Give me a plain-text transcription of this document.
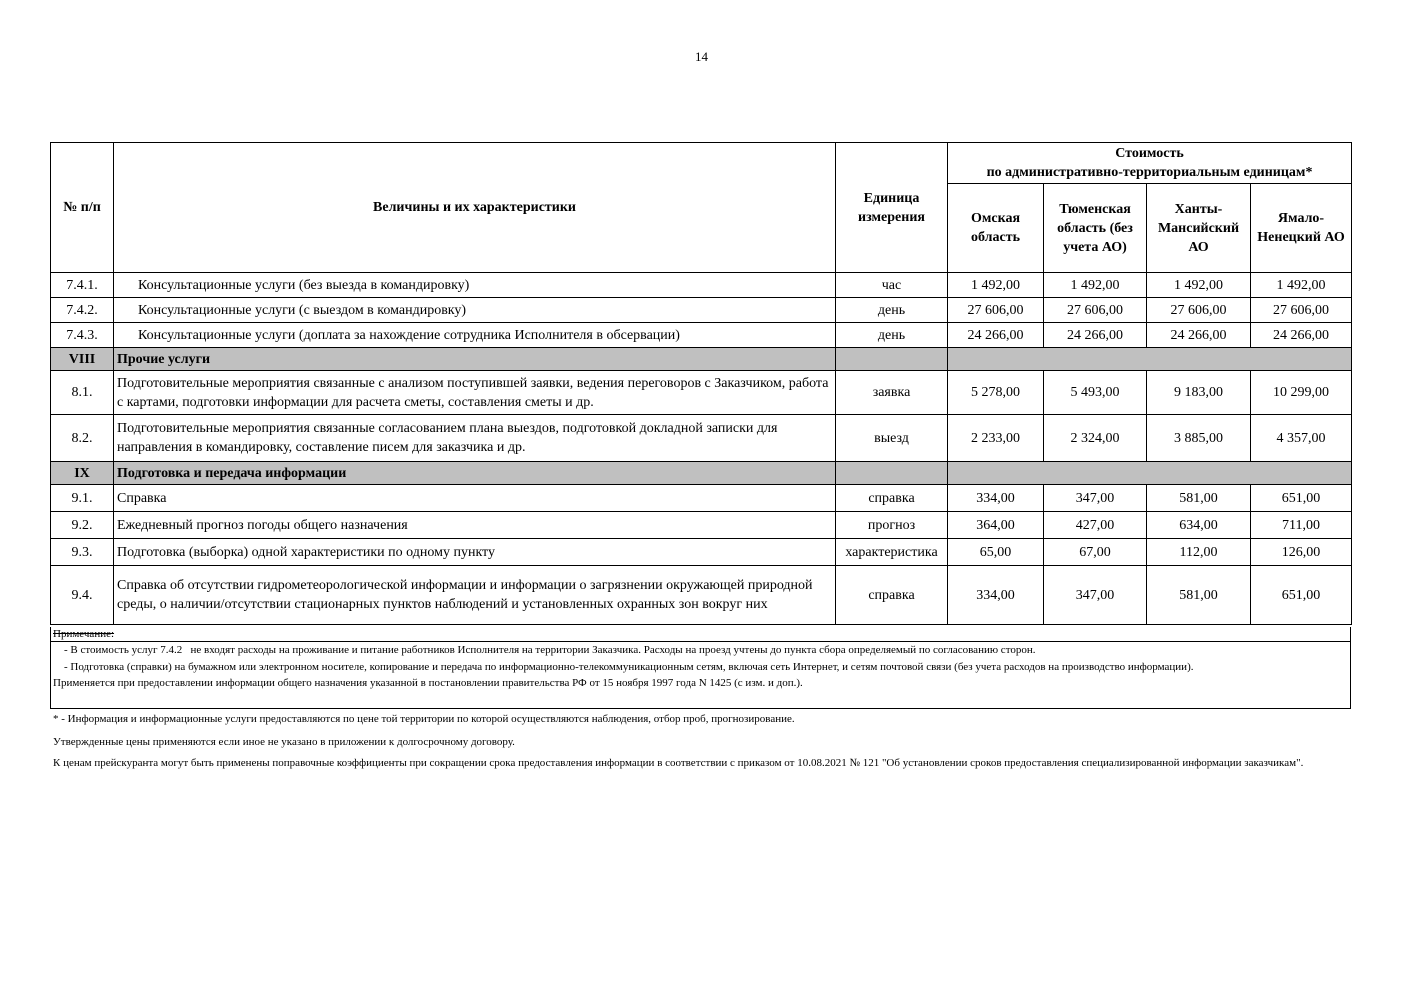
14
№ п/п	Величины и их характеристики	Единица измерения	Стоимость
по административно-территориальным единицам*			

			Омская область	Тюменская область (без учета АО)	Ханты-Мансийский АО	Ямало-Ненецкий АО
7.4.1.	Консультационные услуги (без выезда в командировку)	час	1 492,00	1 492,00	1 492,00	1 492,00
7.4.2.	Консультационные услуги (с выездом в командировку)	день	27 606,00	27 606,00	27 606,00	27 606,00
7.4.3.	Консультационные услуги (доплата за нахождение сотрудника Исполнителя в обсервации)	день	24 266,00	24 266,00	24 266,00	24 266,00
VIII	Прочие услуги					
8.1.	Подготовительные мероприятия связанные с анализом поступившей заявки, ведения переговоров с Заказчиком, работа с картами, подготовки информации для расчета сметы, составления сметы и др.	заявка	5 278,00	5 493,00	9 183,00	10 299,00
8.2.	Подготовительные мероприятия связанные согласованием плана выездов, подготовкой докладной записки для направления в командировку, составление писем для заказчика и др.	выезд	2 233,00	2 324,00	3 885,00	4 357,00
IX	Подготовка и передача информации					
9.1.	Справка	справка	334,00	347,00	581,00	651,00
9.2.	Ежедневный прогноз погоды общего назначения	прогноз	364,00	427,00	634,00	711,00
9.3.	Подготовка (выборка) одной характеристики по одному пункту	характеристика	65,00	67,00	112,00	126,00
9.4.	Справка об отсутствии гидрометеорологической информации и информации о загрязнении окружающей природной среды, о наличии/отсутствии стационарных пунктов наблюдений и установленных охранных зон вокруг них	справка	334,00	347,00	581,00	651,00
Примечание:
- В стоимость услуг 7.4.2   не входят расходы на проживание и питание работников Исполнителя на территории Заказчика. Расходы на проезд учтены до пункта сбора определяемый по согласованию сторон.
- Подготовка (справки) на бумажном или электронном носителе, копирование и передача по информационно-телекоммуникационным сетям, включая сеть Интернет, и сетям почтовой связи (без учета расходов на производство информации).
Применяется при предоставлении информации общего назначения указанной в постановлении правительства РФ от 15 ноября 1997 года N 1425 (с изм. и доп.).
* - Информация и информационные услуги предоставляются по цене той территории по которой осуществляются наблюдения, отбор проб, прогнозирование.
Утвержденные цены применяются если иное не указано в приложении к долгосрочному договору.
К ценам прейскуранта могут быть применены поправочные коэффициенты при сокращении срока предоставления информации в соответствии с приказом от 10.08.2021 № 121 "Об установлении сроков предоставления специализированной информации заказчикам".
